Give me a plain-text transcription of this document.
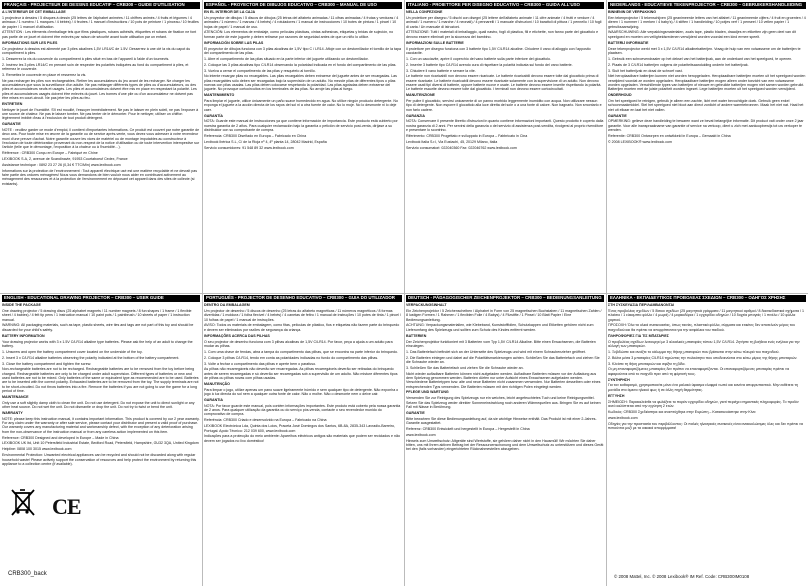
FRANÇAIS - PROJECTEUR DE DESSINS EDUCATIF – CRB300 – GUIDE D'UTILISATION

A L'INTERIEUR DE CET EMBALLAGE

1 projecteur à dessins / 5 disques à dessin (25 lettres de l'alphabet animées / 11 chiffres animés / 4 fruits et légumes / 4 animaux / 1 numéro / 1 marques / 4 bébés) / 4 feutres / 1 manuel d'instructions / 10 pots de peinture / 1 pinceau / 10 feuilles de papier / 1 manuel d'utilisation.

ATTENTION : Les éléments d'emballage tels que films plastiques, rubans adhésifs, étiquettes et rubans de fixation ne font pas partie de ce jouet et doivent être enlevés par raison de sécurité avant toute utilisation par un enfant.

INFORMATIONS SUR LES PILES

Ce projecteur à dessins est alimenté par 3 piles alcalines 1,5V LR14/C de 1.5V. Desserrez à une clé la vis du capot du compartiment à piles.

1. Desserrez la vis du couvercle du compartiment à piles situé en bas de l'appareil à l'aide d'un tournevis.

2. Insérez les 3 piles LR14/C en prenant soin de respecter les polarités indiquées au fond du compartiment à piles, et refermez le couvercle.

3. Remettez le couvercle en place et resserrez la vis.

Ne pas recharger les piles non rechargeables. Retirer les accumulateurs du jeu avant de les recharger. Ne charger les accumulateurs que sous la surveillance d'un adulte. Ne pas mélanger différents types de piles ou d'accumulateurs, ou des piles et accumulateurs neufs et usagés. Les piles et accumulateurs doivent être mis en place en respectant la polarité. Les piles et accumulateurs usagés doivent être enlevés du jouet. Les bornes d'une pile ou d'un accumulateur ne doivent pas être mises en court-circuit. Ne pas jeter les piles au feu.

ENTRETIEN

Nettoyer le jouet de l'humidité. S'il est mouillé, l'essuyer immédiatement. Ne pas le laisser en plein soleil, ne pas l'exposer à une source de chaleur. Ne pas le laisser tomber. Ne pas tenter de le démonter. Pour le nettoyer, utiliser un chiffon légèrement imbibé d'eau à l'exclusion de tout produit détergent.

GARANTIE

NOTE : veuillez garder ce mode d'emploi, il contient d'importantes informations. Ce produit est couvert par notre garantie de deux ans. Pour toute mise en œuvre de la garantie ou de service après-vente, vous devez vous adresser à votre revendeur muni d'une preuve d'achat. Notre garantie couvre les vices de matériel ou de montage imputables au constructeur à l'exclusion de toute détérioration provenant du non-respect de la notice d'utilisation ou de toute intervention intempestive sur l'article (telle que le démontage, l'exposition à la chaleur ou à l'humidité…).

Référence : CRB300 Conçu en Europe – Fabriqué en Chine

LEXIBOOK S.A, 2, avenue de Scandinavie, 91953 Courtaboeuf Cedex, France

Assistance technique : 0892 23 27 26 (0,34 € TTC/Min) www.lexibook.com

Informations sur la protection de l'environnement : Tout appareil électrique usé est une matière recyclable et ne devrait pas faire partie des ordures ménagères! Nous vous demandons de bien vouloir nous aider en contribuant activement au ménagement des ressources et à la protection de l'environnement en déposant cet appareil dans des sites de collecte (si existants).

ESPAÑOL - PROYECTOR DE DIBUJOS EDUCATIVO – CRB300 – MANUAL DE USO

EN EL INTERIOR DE LA CAJA

Un proyector de dibujos / 5 discos de dibujos (25 letras del alfabeto animadas / 11 cifras animadas / 4 frutas y verduras / 4 animales / 1 número / 1 marcas / 4 bebés) / 4 rotuladores / 1 manual de instrucciones / 10 botes de pintura / 1 pincel / 10 hojas de papel / 1 manual de uso.

ATENCIÓN: Los elementos de embalaje, como películas plásticas, cintas adhesivas, etiquetas y bridas de sujeción, no forman parte de este juguete y deben retirarse por razones de seguridad antes de que un niño lo utilice.

INFORMACIÓN SOBRE LAS PILAS

El proyector de dibujos funciona con 3 pilas alcalinas de 1,5V tipo C / LR14. Afloje con un destornillador el tornillo de la tapa del compartimento de las pilas.

1. Abre el compartimento de las pilas situado en la parte inferior del juguete utilizando un destornillador.

2. Coloque las 3 pilas alcalinas tipo C/LR14 observando la polaridad indicada en el fondo del compartimento de las pilas.

3. Vuelva a cerrar el compartimento de las pilas y resquéelo al tornillo.

No intente recargar pilas no recargables. Las pilas recargables deben extraerse del juguete antes de ser recargadas. Las pilas recargables sólo deben ser recargadas bajo la supervisión de un adulto. No mezcle pilas de diferentes tipos o pilas nuevas con pilas usadas. Las pilas deben colocarse respetando la polaridad. Las pilas agotadas deben extraerse del juguete. No provoque cortocircuitos en los terminales de las pilas. No arroje las pilas al fuego.

MANTENIMIENTO

Para limpiar el juguete, utilice únicamente un paño suave humedecido en agua. No utilice ningún producto detergente. No exponga el juguete a la acción directa de los rayos del sol ni a otra fuente de calor. No lo moje. No lo desmonte ni lo deje caer.

GARANTÍA

NOTA: Guarde este manual de instrucciones ya que contiene información de importancia. Este producto está cubierto por nuestra garantía de 2 años. Para cualquier reclamación bajo la garantía o petición de servicio post-venta, diríjase a su distribuidor con su comprobante de compra.

Referencia: CRB300 Diseñado en Europa – Fabricado en China

Lexibook Ibérica S.L, C/ de la Rioja nº 4, 4º planta 14, 28042 Madrid, España

Servicio consumidores: 91 548 89 32 www.lexibook.com

ITALIANO - PROIETTORE PER DISEGNO EDUCATIVO – CRB300 – GUIDA ALL'USO

NELLA CONFEZIONE

Un proiettore per disegno / 5 dischi con disegni (25 lettere dell'alfabeto animate / 11 cifre animate / 4 frutti e verdure / 4 animali / 1 numero / 1 marche / 4 neonati) / 4 pennarelli / 1 manuale d'istruzioni / 10 barattoli di pittura / 1 pennello / 10 fogli di carta / Un manuale di istruzioni.

ATTENZIONE: Tutti i materiali di imballaggio, quali nastro, fogli di plastica, fili e etichette, non fanno parte del giocattolo e devono essere eliminati per la sicurezza del bambino.

INFORMAZIONI SULLE BATTERIE

Il proiettore per disegno funziona con 3 batterie tipo 1,5V C/LR14 alcaline. Chiudere il vano di alloggio con l'apposito cacciavite.

1. Con un cacciavite, aprire il coperchio del vano batterie sulla parte inferiore del giocattolo.

2. Inserire 3 batterie tipo C/LR14 avendo cura di rispettare la polarità indicata sul fondo del vano batterie.

3. Chiudere il vano batterie e serrare la vite.

Le batterie non ricaricabili non devono essere ricaricate. Le batterie ricaricabili devono essere tolte dal giocattolo prima di essere ricaricate. Le batterie ricaricabili devono essere ricaricate solamente con la supervisione di un adulto. Non devono essere usati tipi diversi di batterie, oppure batterie nuove e usate. Le batterie devono essere inserite rispettando la polarità. Le batterie esaurite devono essere tolte dal giocattolo. I terminali non devono essere cortocircuitati.

MANUTENZIONE

Per pulire il giocattolo, servirsi unicamente di un panno morbido leggermente inumidito con acqua. Non utilizzare nessun tipo di detergente. Non esporre il giocattolo alla luce diretta del sole o a una fonte di calore. Non bagnarlo. Non smontarlo e non farlo cadere.

GARANZIA

NOTA: Conservare il presente libretto d'istruzioni in quanto contiene informazioni importanti. Questo prodotto è coperto dalla nostra garanzia di 2 anni. Per servirsi della garanzia o del servizio di assistenza post-vendita, rivolgersi al proprio rivenditore e presentare lo scontrino.

Riferimento: CRB300 Progettato e sviluppato in Europa – Fabbricato in Cina

Lexibook Italia S.r.l, Via Eustachi, 45, 20129 Milano, Italia

Servizio consumatori: 022040360 Fax: 022046762 www.lexibook.com

NEDERLANDS - EDUCATIEVE TEKENPROJECTOR – CRB300 – GEBRUIKERSHANDLEIDING

BINNENIN DE VERPAKKING

Een tekenprojector / 5 tekenschijven (25 geanimeerde letters van het alfabet / 11 geanimeerde cijfers / 4 fruit en groenten / 4 dieren / 1 nummer / 1 merken / 4 baby's) / 4 stiften / 1 handleiding / 10 potjes verf / 1 penseel / 10 vellen papier / 1 gebruiksaanwijzing.

WAARSCHUWING: Alle verpakkingsmaterialen, zoals tape, plastic bladen, draadjes en etiketten zijn geen deel van dit speelgoed en moeten om veiligheidsredenen verwijderd worden voordat een kind ermee speelt.

BATTERIJ INFORMATIE

Deze tekenprojector werkt met 3 x 1,5V C/LR14 alkalinebatterijen. Vraag de hulp van een volwassene om de batterijen te plaatsen.

1. Gebruik een schroevendraaier op het deksel van het batterijvak, aan de onderkant van het speelgoed, te openen.

2. Plaats de 3 C/LR14 batterijen volgens de polariteitsaanduiding onderin het batterijvak.

3. Sluit het batterijvak en draai de schroef vast.

Niet heroplaadbare batterijen kunnen niet worden heropgeladen. Heroplaadbare batterijen moeten uit het speelgoed worden verwijderd voordat ze worden opgeladen. Heroplaadbare batterijen mogen alleen onder toezicht van een volwassene worden opgeladen. Verschillende types van batterijen of nieuwe en gebruikte batterijen mogen niet samen worden gebruikt. Batterijen moeten met de juiste polariteit worden ingezet. Lege batterijen moeten uit het speelgoed worden verwijderd.

ONDERHOUD

Om het speelgoed te reinigen, gebruik je alleen een zachte, licht met water bevochtigde doek. Gebruik geen enkel schoonmaakmiddel. Stel het speelgoed niet bloot aan direct zonlicht of andere warmtebronnen. Maak het niet nat. Haal het niet uit elkaar en laat het niet vallen.

GARANTIE

OPMERKING: gelieve deze handleiding te bewaren want ze bevat belangrijke informatie. Dit product valt onder onze 2 jaar garantie. Voor alle inanspraakname van garantie of service na verkoop, dient u zich met aankoopbewijs tot uw verkoper te wenden.

Referentie: CRB300 Ontworpen en ontwikkeld in Europa – Gemaakt in China

© 2008 LEXIBOOK® www.lexibook.com

ENGLISH - EDUCATIONAL DRAWING PROJECTOR – CRB300 – USER GUIDE

INSIDE THE PACKAGE

One drawing projector / 5 drawing discs (25 alphabet magnets / 11 number magnets / 8 fun shapes / 1 frame / 1 flexible sheet / 4 babies) / 4 felt tip pens / 1 instruction manual / 10 paint pots / 1 paintbrush / 10 sheets of paper / 1 instruction manual.

WARNING: All packaging materials, such as tape, plastic sheets, wire ties and tags are not part of this toy and should be discarded for your child's safety.

BATTERY INFORMATION

Your drawing projector works with 3 x 1.5V C/LR14 alkaline type batteries. Please ask the help of an adult to change the battery.

1. Unscrew and open the battery compartment cover located on the underside of the toy.

2. Insert 3 x C/LR14 alkaline batteries observing the polarity indicated at the bottom of the battery compartment.

3. Close the battery compartment and tighten the screw.

Non-rechargeable batteries are not to be recharged. Rechargeable batteries are to be removed from the toy before being charged. Rechargeable batteries are only to be charged under adult supervision. Different types of batteries or new and used batteries are not to be mixed. Only batteries of the same or equivalent type as recommended are to be used. Batteries are to be inserted with the correct polarity. Exhausted batteries are to be removed from the toy. The supply terminals are not to be short-circuited. Do not throw batteries into a fire. Remove the batteries if you are not going to use the game for a long period of time.

MAINTENANCE

Only use a soft slightly damp cloth to clean the unit. Do not use detergent. Do not expose the unit to direct sunlight or any other heat source. Do not wet the unit. Do not dismantle or drop the unit. Do not try to twist or bend the unit.

WARRANTY

NOTE: please keep this instruction manual, it contains important information. This product is covered by our 2 year warranty. For any claim under the warranty or after sale service, please contact your distributor and present a valid proof of purchase. Our warranty covers any manufacturing material and workmanship defect, with the exception of any deterioration arising from the non-observance of the instruction manual or from any careless action implemented on this item.

Reference: CRB300 Designed and developed in Europe – Made in China

LEXIBOOK UK ltd, Unit 10 Petersfield Industrial Estate, Bedford Road, Petersfield, Hampshire, GU32 3QA, United Kingdom

Helpline: 0808 100 3015 www.lexibook.com

Environmental Protection: Unwanted electrical appliances can be recycled and should not be discarded along with regular household waste! Please actively support the conservation of resources and help protect the environment by returning this appliance to a collection centre (if available).

PORTUGUÊS - PROJECTOR DE DESENHO EDUCATIVO – CRB300 – GUIA DO UTILIZADOR

DENTRO DA EMBALAGEM

Um projector de desenho / 5 discos de desenho (25 letras do alfabeto magnéticas / 11 números magnéticos / 8 formas divertidas / 1 moldura / 1 folha flexível / 4 bebés) / 4 canetas de feltro / 1 manual de instruções / 10 potes de tinta / 1 pincel / 10 folhas de papel / 1 manual de instruções.

AVISO: Todos os materiais de embalagem, como fitas, películas de plástico, fios e etiquetas não fazem parte do brinquedo e devem ser eliminados por razões de segurança da criança.

INFORMAÇÕES ACERCA DAS PILHAS

O seu projector de desenho funciona com 3 pilhas alcalinas de 1,5V C/LR14. Por favor, peça a ajuda a um adulto para mudar as pilhas.

1. Com uma chave de fendas, abra a tampa do compartimento das pilhas, que se encontra na parte inferior do brinquedo.

2. Coloque 3 pilhas C/LR14, tendo em conta as polaridades indicadas no fundo do compartimento das pilhas.

3. Volte a fechar o compartimento das pilhas e aperte bem o parafuso.

As pilhas não recarregáveis não deverão ser recarregadas. As pilhas recarregáveis deverão ser retiradas do brinquedo antes de serem recarregadas e só deverão ser recarregadas sob a supervisão de um adulto. Não misture diferentes tipos de pilhas ou pilhas novas com pilhas usadas.

MANUTENÇÃO

Para limpar o jogo, utilize apenas um pano suave ligeiramente húmido e sem qualquer tipo de detergente. Não exponha o jogo à luz directa do sol nem a qualquer outra fonte de calor. Não o molhe. Não o desmonte nem o deixe cair.

GARANTIA

NOTA: Por favor guarde este manual, pois contém informações importantes. Este produto está coberto pela nossa garantia de 2 anos. Para qualquer utilização da garantia ou do serviço pós-venda, contacte o seu revendedor munido do comprovativo de compra.

Referência: CRB300 Criado e desenvolvido na Europa – Fabricado na China

LEXIBOOK Electrónica Lda, Quinta dos Loios, Praceta José Domingos dos Santos, 6B-8A, 2835-343 Lavradio-Barreiro, Portugal. Apoio Técnico: 212 039 600, www.lexibook.com

Indicações para a protecção do meio ambiente: Aparelhos eléctricos antigos são materiais que podem ser reciclados e não devem ser jogados no lixo doméstico!

DEUTSCH - PÄDAGOGISCHER ZEICHENPROJEKTOR – CRB300 – BEDIENUNGSANLEITUNG

VERPACKUNGSINHALT

Ein Zeichenprojektor / 5 Zeichenscheiben / Alphabet in Form von 25 magnetischen Buchstaben / 11 magnetischen Zahlen / 8 lustigen Formen / 1 Rahmen / 1 flexiblen Folie / 4 Babys) / 4 Filzstifte / 1 Pinsel / 10 Blatt Papier / Eine Bedienungsanleitung.

ACHTUNG: Verpackungsmaterialien, wie Klebeband, Kunststofffolien, Schutzkappen und Etiketten gehören nicht zum Lieferumfang des Spielzeugs und sollten zum Schutz des Kindes entfernt werden.

BATTERIEN

Der Zeichenprojektor funktioniert mit 3 Batterien vom Typ 1,5V C/LR14 Alkaline. Bitte einen Erwachsenen, die Batterien einzulegen.

1. Das Batteriefach befindet sich an der Unterseite des Spielzeugs und wird mit einem Schraubenzieher geöffnet.

2. Die Batterien einlegen und dabei auf die Polaritätsmarkierungen achten. Schließen Sie das Batteriefach und ziehen Sie die Schraube wieder an.

3. Schließen Sie das Batteriefach und ziehen Sie die Schraube wieder an.

Nicht wieder aufladbare Batterien können nicht aufgeladen werden. Aufladbare Batterien müssen vor der Aufladung aus dem Spielzeug genommen werden. Batterien dürfen nur unter Aufsicht eines Erwachsenen aufgeladen werden. Verschiedene Batterietypen bzw. alte und neue Batterien nicht zusammen verwenden. Nur Batterien desselben oder eines entsprechenden Typs verwenden. Die Batterien müssen mit den richtigen Polen eingelegt werden.

PFLEGE UND WARTUNG

Verwenden Sie zur Reinigung des Spielzeugs nur ein weiches, leicht angefeuchtetes Tuch und keine Reinigungsmittel. Setzen Sie das Spielzeug weder direkter Sonneneinstrahlung noch anderen Wärmequellen aus. Bringen Sie es auf keinen Fall mit Nässe in Berührung.

GARANTIE

Bitte bewahren Sie diese Bedienungsanleitung auf, da sie wichtige Hinweise enthält. Das Produkt ist mit einer 2-Jahres-Garantie ausgestattet.

Referenz: CRB300 Entwickelt und hergestellt in Europa – Hergestellt in China

www.lexibook.com

Hinweis zum Umweltschutz: Altgeräte sind Wertstoffe, sie gehören daher nicht in den Hausmüll! Wir möchten Sie daher bitten, uns mit Ihrem aktiven Beitrag bei der Ressourcenschonung und dem Umweltschutz zu unterstützen und dieses Gerät bei den (falls vorhanden) eingerichteten Rücknahmestellen abzugeben.

ΕΛΛΗΝΙΚΑ - ΕΚΠΑΙΔΕΥΤΙΚΟΣ ΠΡΟΒΟΛΕΑΣ ΣΧΕΔΙΩΝ – CRB300 – ΟΔΗΓΟΣ ΧΡΗΣΗΣ

ΣΤΗ ΣΥΣΚΕΥΑΣΙΑ ΠΕΡΙΛΑΜΒΑΝΟΝΤΑΙ

Ένας προβολέας σχεδίων / 5 δίσκοι σχεδίων (25 μαγνητικά γράμματα / 11 μαγνητικοί αριθμοί / 8 διασκεδαστικά σχήματα / 1 πλαίσιο / 1 εύκαμπτο φύλλο / 4 μωρά) / 4 μαρκαδόροι / 1 εγχειρίδιο οδηγιών / 10 δοχεία μπογιάς / 1 πινέλο / 10 φύλλα χαρτιού.

ΠΡΟΣΟΧΗ: Όλα τα υλικά συσκευασίας, όπως ταινίες, πλαστικά φύλλα, σύρματα και ετικέτες δεν αποτελούν μέρος του παιχνιδιού και θα πρέπει να απορρίπτονται για την ασφάλεια του παιδιού.

ΠΛΗΡΟΦΟΡΙΕΣ ΓΙΑ ΤΙΣ ΜΠΑΤΑΡΙΕΣ

Ο προβολέας σχεδίων λειτουργεί με 3 αλκαλικές μπαταρίες τύπου 1,5V C/LR14. Ζητήστε τη βοήθεια ενός ενήλικα για την αλλαγή των μπαταριών.

1. Ξεβιδώστε και ανοίξτε το κάλυμμα της θήκης μπαταριών που βρίσκεται στην κάτω πλευρά του παιχνιδιού.

2. Βάλτε μέσα 3 μπαταρίες C/LR14 τηρώντας την πολικότητα που υποδεικνύεται στο κάτω μέρος της θήκης μπαταριών.

3. Κλείστε τη θήκη μπαταριών και σφίξτε τη βίδα.

Οι μη επαναφορτιζόμενες μπαταρίες δεν πρέπει να επαναφορτίζονται. Οι επαναφορτιζόμενες μπαταρίες πρέπει να αφαιρούνται από το παιχνίδι πριν από τη φόρτισή τους.

ΣΥΝΤΗΡΗΣΗ

Για τον καθαρισμό, χρησιμοποιείτε μόνο ένα μαλακό ύφασμα ελαφρά νωπό και κανένα απορρυπαντικό. Μην εκθέτετε τη μονάδα στο άμεσο ηλιακό φως ή σε άλλη πηγή θερμότητας.

ΕΓΓΥΗΣΗ

ΣΗΜΕΙΩΣΗ: Παρακαλείσθε να φυλάξετε το παρόν εγχειρίδιο οδηγιών, γιατί περιέχει σημαντικές πληροφορίες. Το προϊόν αυτό καλύπτεται από την εγγύηση 2 ετών.

Κωδικός: CRB300 Σχεδιάστηκε και αναπτύχθηκε στην Ευρώπη – Κατασκευάστηκε στην Κίνα

www.lexibook.com

Οδηγίες για την προστασία του περιβάλλοντος: Οι παλιές ηλεκτρικές συσκευές είναι ανακυκλώσιμες ύλες και δεν πρέπει να πετιούνται μαζί με τα οικιακά απορρίμματα!

CE
CRB300_back	© 2008 Mattel, Inc. © 2008 Lexibook® IM Ref. Code: CRB300IM0108
